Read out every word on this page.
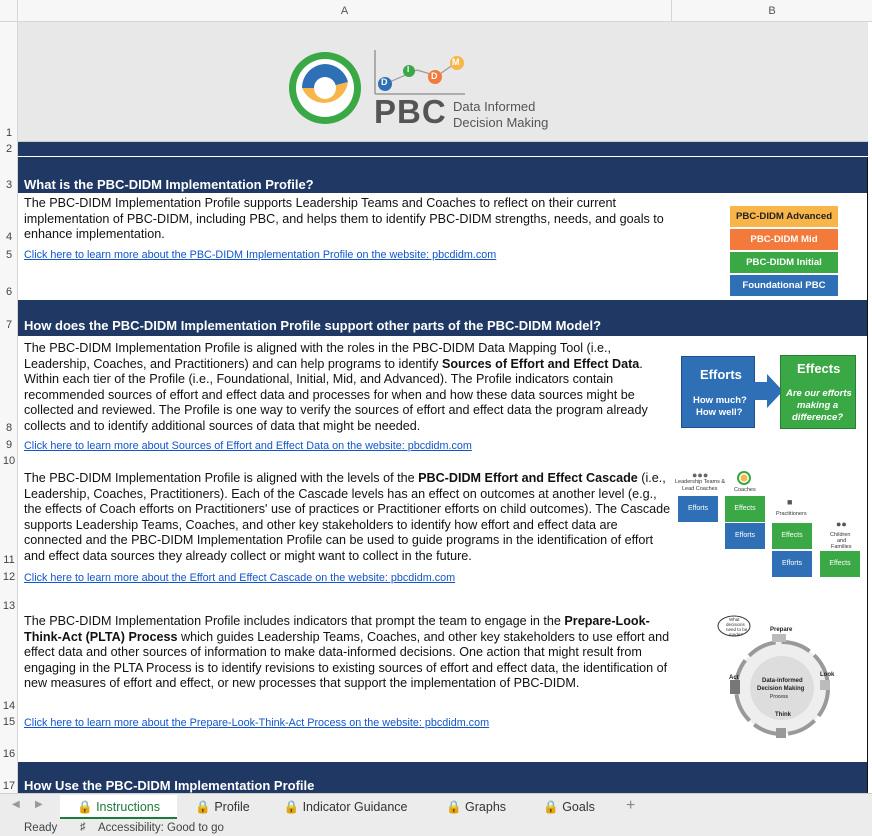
A	B
1
2
3
4
5
6
7
8
9
10
11
12
13
14
15
16
17
D
I
D
M
PBC Data Informed
Decision Making
What is the PBC-DIDM Implementation Profile?
The PBC-DIDM Implementation Profile supports Leadership Teams and Coaches to reflect on their current implementation of PBC-DIDM, including PBC, and helps them to identify PBC-DIDM strengths, needs, and goals to enhance implementation.
Click here to learn more about the PBC-DIDM Implementation Profile on the website: pbcdidm.com
PBC-DIDM Advanced
PBC-DIDM Mid
PBC-DIDM Initial
Foundational PBC
How does the PBC-DIDM Implementation Profile support other parts of the PBC-DIDM Model?
The PBC-DIDM Implementation Profile is aligned with the roles in the PBC-DIDM Data Mapping Tool (i.e., Leadership, Coaches, and Practitioners) and can help programs to identify Sources of Effort and Effect Data. Within each tier of the Profile (i.e., Foundational, Initial, Mid, and Advanced). The Profile indicators contain recommended sources of effort and effect data and processes for when and how these data sources might be collected and reviewed. The Profile is one way to verify the sources of effort and effect data the program already collects and to identify additional sources of data that might be needed.
Click here to learn more about Sources of Effort and Effect Data on the website: pbcdidm.com
Efforts
How much?
How well?
Effects
Are our efforts
making a
difference?
The PBC-DIDM Implementation Profile is aligned with the levels of the PBC-DIDM Effort and Effect Cascade (i.e., Leadership, Coaches, Practitioners). Each of the Cascade levels has an effect on outcomes at another level (e.g., the effects of Coach efforts on Practitioners' use of practices or Practitioner efforts on child outcomes). The Cascade supports Leadership Teams, Coaches, and other key stakeholders to identify how effort and effect data are connected and the PBC-DIDM Implementation Profile can be used to guide programs in the identification of effort and effect data sources they already collect or might want to collect in the future.
Click here to learn more about the Effort and Effect Cascade on the website: pbcdidm.com
●●●
Leadership Teams &
Lead Coaches	Coaches
■
Practitioners
●●
Children
and
Families
Efforts	Effects
Efforts	Effects
Efforts	Effects
The PBC-DIDM Implementation Profile includes indicators that prompt the team to engage in the Prepare-Look-Think-Act (PLTA) Process which guides Leadership Teams, Coaches, and other key stakeholders to use effort and effect data and other sources of information to make data-informed decisions. One action that might result from engaging in the PLTA Process is to identify revisions to existing sources of effort and effect data, the identification of new measures of effort and effect, or new processes that support the implementation of PBC-DIDM.
Click here to learn more about the Prepare-Look-Think-Act Process on the website: pbcdidm.com
What
decisions
need to be
made?
Prepare
Look
Think
Act	Data-informed
Decision Making
Process
How Use the PBC-DIDM Implementation Profile
◀ ▶	🔒 Instructions	🔒 Profile	🔒 Indicator Guidance	🔒 Graphs	🔒 Goals	+
Ready ♯ Accessibility: Good to go
